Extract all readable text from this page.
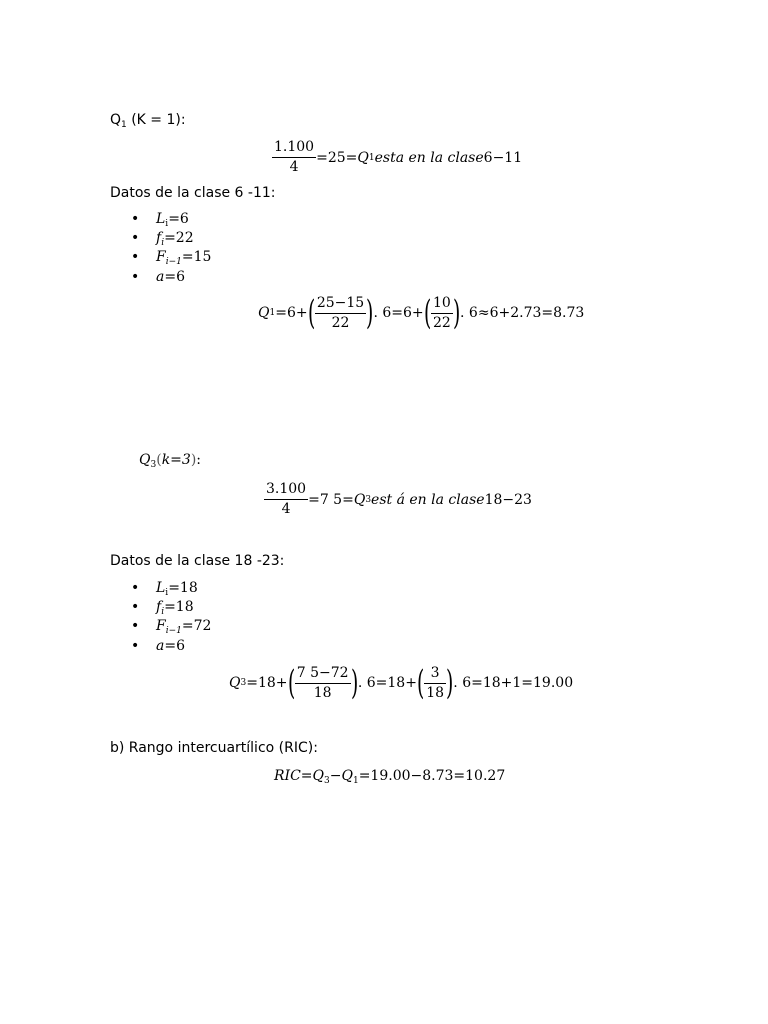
$Q_1$ (K = 1):
$\frac{1.100}{4} =25= Q$ 1 esta en la clase 6−11
Datos de la clase 6 -11:
• $L_i=6$
• $f_i=22$
• $F_{i-1}=15$
• a=6
Q 1 =6+ ( $\frac{25-15}{22}$ ) . 6=6+ ( $\frac{10}{22}$ ) . 6≈6+2.73=8.73
$Q_3(k=3)$:
$\frac{3.100}{4} =7$ 5= Q 3 est á en la clase 18−23
Datos de la clase 18 -23:
• $L_i=18$
• $f_i=18$
• $F_{i-1}=72$
• a=6
Q 3 =18+ ( $\frac{7 5-72}{18}$ ) . 6=18+ ( $\frac{3}{18}$ ) . 6=18+1=19.00
b) Rango intercuartílico (RIC):
$RIC=Q_3-Q_1=19.00-8.73=10.27$
